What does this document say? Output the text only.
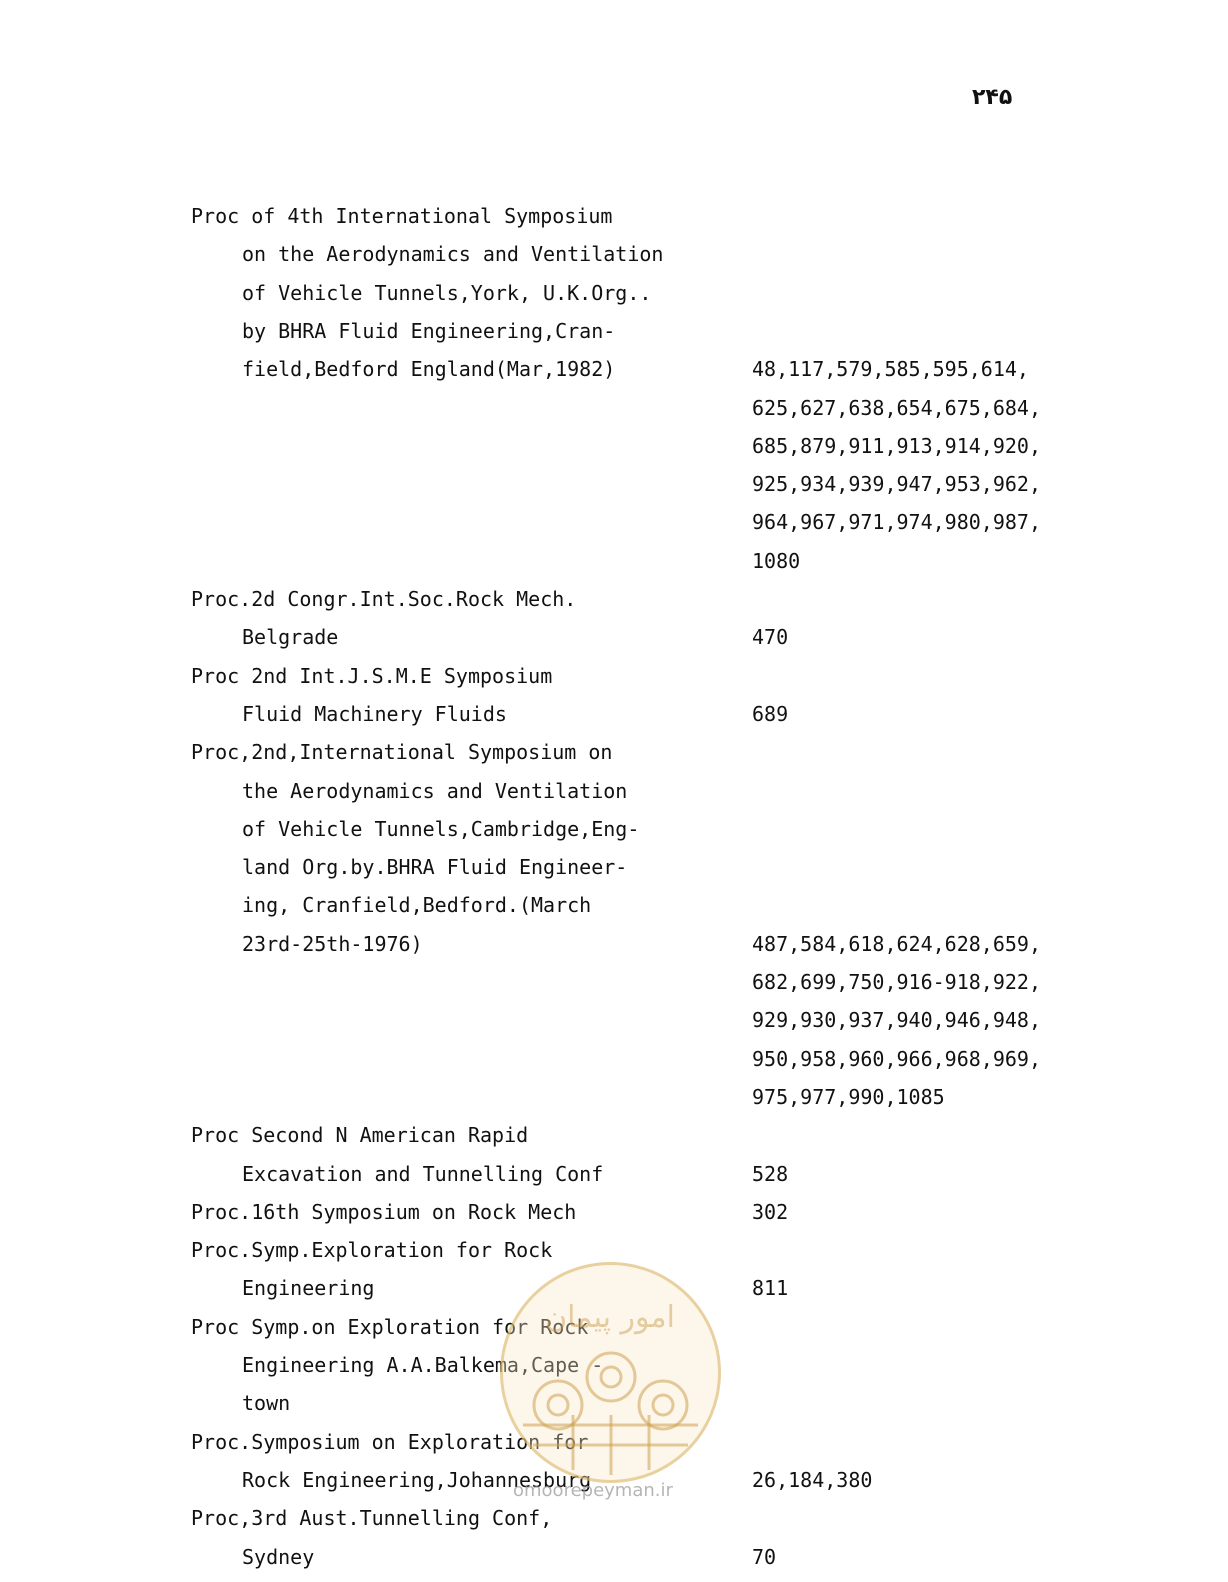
۲۴۵
Proc of 4th International Symposium
on the Aerodynamics and Ventilation
of Vehicle Tunnels,York, U.K.Org..
by BHRA Fluid Engineering,Cran-
field,Bedford England(Mar,1982)	48,117,579,585,595,614,
625,627,638,654,675,684,
685,879,911,913,914,920,
925,934,939,947,953,962,
964,967,971,974,980,987,
1080
Proc.2d Congr.Int.Soc.Rock Mech.
Belgrade	470
Proc 2nd Int.J.S.M.E Symposium
Fluid Machinery Fluids	689
Proc,2nd,International Symposium on
the Aerodynamics and Ventilation
of Vehicle Tunnels,Cambridge,Eng-
land Org.by.BHRA Fluid Engineer-
ing, Cranfield,Bedford.(March
23rd-25th-1976)	487,584,618,624,628,659,
682,699,750,916-918,922,
929,930,937,940,946,948,
950,958,960,966,968,969,
975,977,990,1085
Proc Second N American Rapid
Excavation and Tunnelling Conf	528
Proc.16th Symposium on Rock Mech	302
Proc.Symp.Exploration for Rock
Engineering	811
Proc Symp.on Exploration for Rock
Engineering A.A.Balkema,Cape -
town
Proc.Symposium on Exploration for
Rock Engineering,Johannesburg	26,184,380
Proc,3rd Aust.Tunnelling Conf,
Sydney	70
امور پیمان
omoorepeyman.ir
